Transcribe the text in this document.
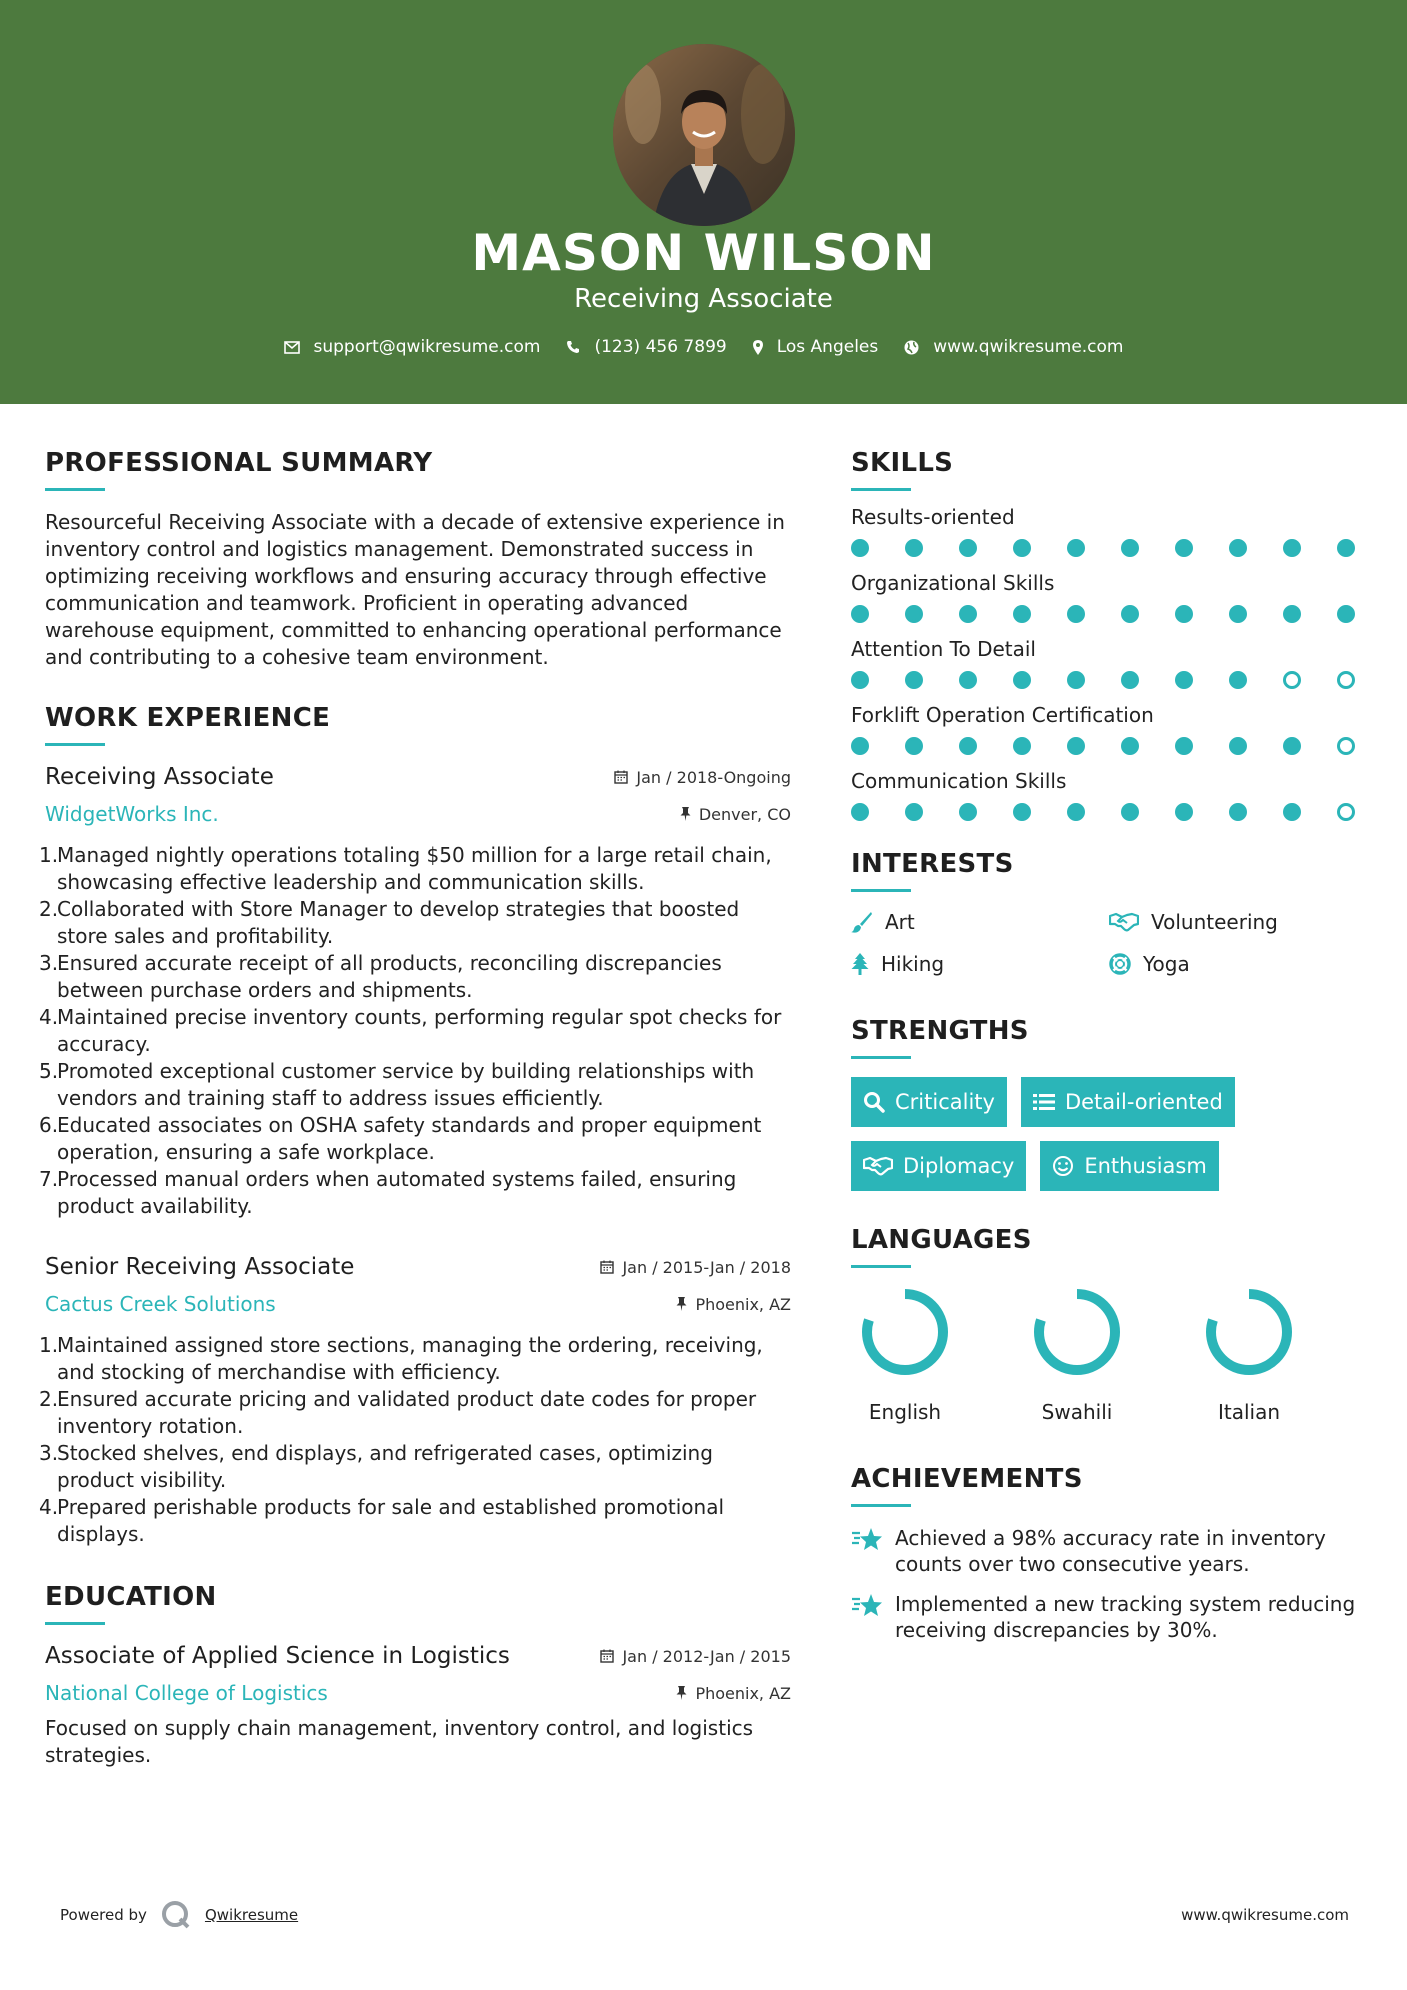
MASON WILSON
Receiving Associate
support@qwikresume.com	(123) 456 7899	Los Angeles	www.qwikresume.com
PROFESSIONAL SUMMARY
Resourceful Receiving Associate with a decade of extensive experience in inventory control and logistics management. Demonstrated success in optimizing receiving workflows and ensuring accuracy through effective communication and teamwork. Proficient in operating advanced warehouse equipment, committed to enhancing operational performance and contributing to a cohesive team environment.
WORK EXPERIENCE
Receiving Associate	Jan / 2018-Ongoing
WidgetWorks Inc.	Denver, CO
1.
Managed nightly operations totaling $50 million for a large retail chain, showcasing effective leadership and communication skills.
2.
Collaborated with Store Manager to develop strategies that boosted store sales and profitability.
3.
Ensured accurate receipt of all products, reconciling discrepancies between purchase orders and shipments.
4.
Maintained precise inventory counts, performing regular spot checks for accuracy.
5.
Promoted exceptional customer service by building relationships with vendors and training staff to address issues efficiently.
6.
Educated associates on OSHA safety standards and proper equipment operation, ensuring a safe workplace.
7.
Processed manual orders when automated systems failed, ensuring product availability.
Senior Receiving Associate	Jan / 2015-Jan / 2018
Cactus Creek Solutions	Phoenix, AZ
1.
Maintained assigned store sections, managing the ordering, receiving, and stocking of merchandise with efficiency.
2.
Ensured accurate pricing and validated product date codes for proper inventory rotation.
3.
Stocked shelves, end displays, and refrigerated cases, optimizing product visibility.
4.
Prepared perishable products for sale and established promotional displays.
EDUCATION
Associate of Applied Science in Logistics	Jan / 2012-Jan / 2015
National College of Logistics	Phoenix, AZ
Focused on supply chain management, inventory control, and logistics strategies.
SKILLS
Results-oriented
Organizational Skills
Attention To Detail
Forklift Operation Certification
Communication Skills
INTERESTS
Art	Volunteering
Hiking	Yoga
STRENGTHS
Criticality	Detail-oriented
Diplomacy	Enthusiasm
LANGUAGES
English	Swahili	Italian
ACHIEVEMENTS
Achieved a 98% accuracy rate in inventory counts over two consecutive years.
Implemented a new tracking system reducing receiving discrepancies by 30%.
Powered by	Qwikresume	www.qwikresume.com
